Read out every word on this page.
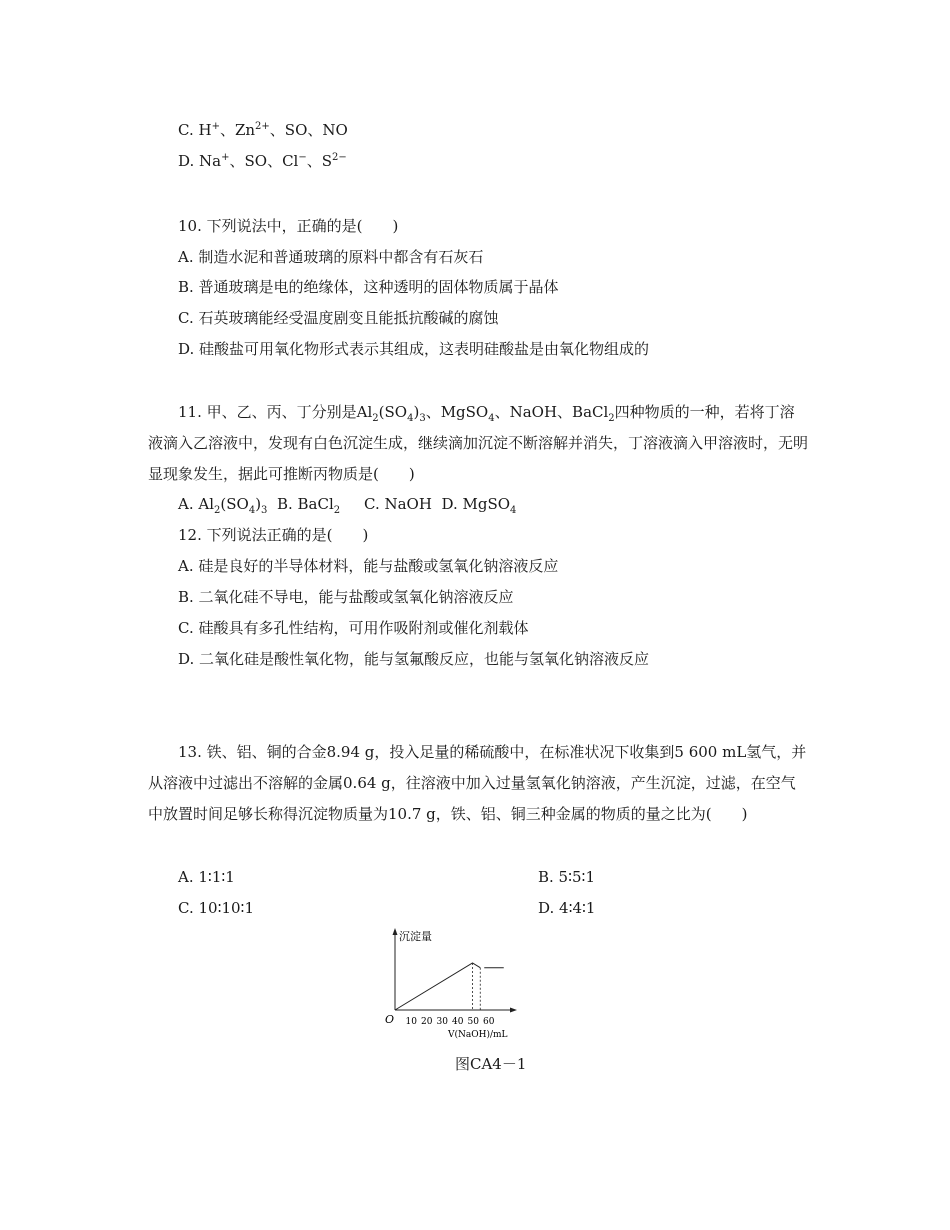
C. H+、$Zn^{2+}$、SO、NO
D. Na+、SO、Cl−、$S^{2-}$
10. 下列说法中，正确的是(　　)
A. 制造水泥和普通玻璃的原料中都含有石灰石
B. 普通玻璃是电的绝缘体，这种透明的固体物质属于晶体
C. 石英玻璃能经受温度剧变且能抵抗酸碱的腐蚀
D. 硅酸盐可用氧化物形式表示其组成，这表明硅酸盐是由氧化物组成的
11. 甲、乙、丙、丁分别是$Al_2(SO_4)_3$、MgSO$_4$、NaOH、BaCl$_2$四种物质的一种，若将丁溶液滴入乙溶液中，发现有白色沉淀生成，继续滴加沉淀不断溶解并消失，丁溶液滴入甲溶液时，无明显现象发生，据此可推断丙物质是(　　)
A. $Al_2(SO_4)_3$ B. BaCl$_2$ C. NaOH D. MgSO$_4$
12. 下列说法正确的是(　　)
A. 硅是良好的半导体材料，能与盐酸或氢氧化钠溶液反应
B. 二氧化硅不导电，能与盐酸或氢氧化钠溶液反应
C. 硅酸具有多孔性结构，可用作吸附剂或催化剂载体
D. 二氧化硅是酸性氧化物，能与氢氟酸反应，也能与氢氧化钠溶液反应
13. 铁、铝、铜的合金8.94 g，投入足量的稀硫酸中，在标准状况下收集到5 600 mL氢气，并从溶液中过滤出不溶解的金属0.64 g，往溶液中加入过量氢氧化钠溶液，产生沉淀，过滤，在空气中放置时间足够长称得沉淀物质量为10.7 g，铁、铝、铜三种金属的物质的量之比为(　　)
A. 1∶1∶1	B. 5∶5∶1
C. 10∶10∶1	D. 4∶4∶1
沉淀量
O 10 20 30 40 50 60
V(NaOH)/mL
图CA4－1
